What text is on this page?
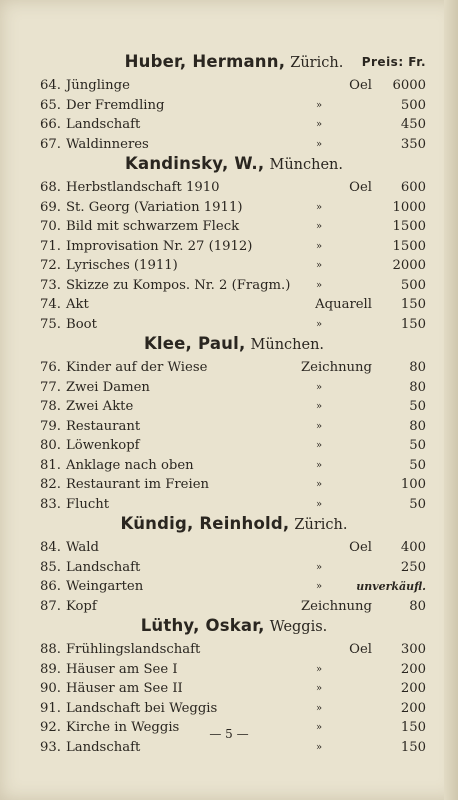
Huber, Hermann, Zürich.	Preis: Fr.
64. Jünglinge	Oel 6000
65. Der Fremdling	»	500
66. Landschaft	»	450
67. Waldinneres	»	350
Kandinsky, W., München.
68. Herbstlandschaft 1910	Oel 600
69. St. Georg (Variation 1911)	»	1000
70. Bild mit schwarzem Fleck	»	1500
71. Improvisation Nr. 27 (1912)	»	1500
72. Lyrisches (1911)	»	2000
73. Skizze zu Kompos. Nr. 2 (Fragm.)	»	500
74. Akt	Aquarell 150
75. Boot	»	150
Klee, Paul, München.
76. Kinder auf der Wiese	Zeichnung	80
77. Zwei Damen	»	80
78. Zwei Akte	»	50
79. Restaurant	»	80
80. Löwenkopf	»	50
81. Anklage nach oben	»	50
82. Restaurant im Freien	»	100
83. Flucht	»	50
Kündig, Reinhold, Zürich.
84. Wald	Oel 400
85. Landschaft	»	250
86. Weingarten	»	unverkäufl.
87. Kopf	Zeichnung	80
Lüthy, Oskar, Weggis.
88. Frühlingslandschaft	Oel 300
89. Häuser am See I	»	200
90. Häuser am See II	»	200
91. Landschaft bei Weggis	»	200
92. Kirche in Weggis	»	150
93. Landschaft	»	150
— 5 —
